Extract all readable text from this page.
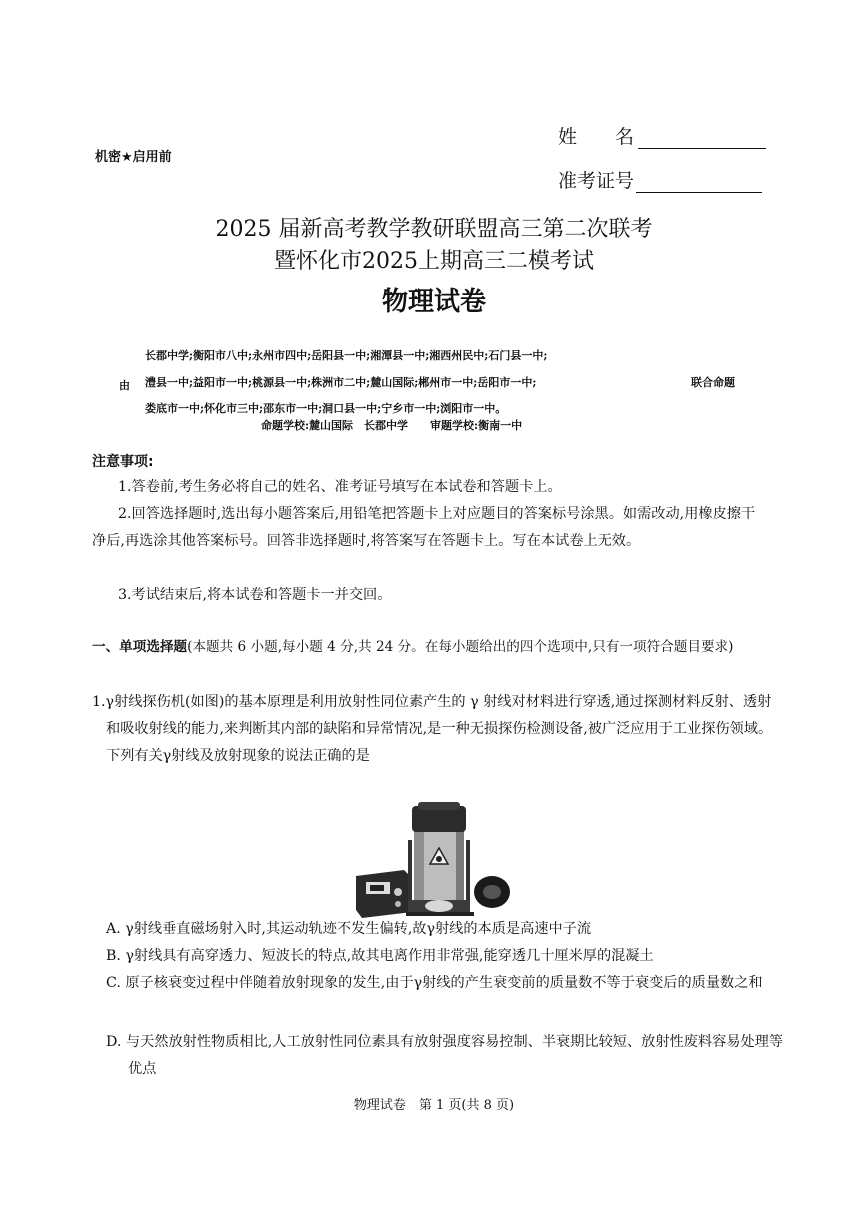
机密★启用前
姓　　名
准考证号
2025 届新高考教学教研联盟高三第二次联考
暨怀化市2025上期高三二模考试
物理试卷
由
长郡中学;衡阳市八中;永州市四中;岳阳县一中;湘潭县一中;湘西州民中;石门县一中;
澧县一中;益阳市一中;桃源县一中;株洲市二中;麓山国际;郴州市一中;岳阳市一中;
娄底市一中;怀化市三中;邵东市一中;洞口县一中;宁乡市一中;浏阳市一中。
联合命题
命题学校:麓山国际　长郡中学　　审题学校:衡南一中
注意事项:
1.答卷前,考生务必将自己的姓名、准考证号填写在本试卷和答题卡上。
2.回答选择题时,选出每小题答案后,用铅笔把答题卡上对应题目的答案标号涂黑。如需改动,用橡皮擦干净后,再选涂其他答案标号。回答非选择题时,将答案写在答题卡上。写在本试卷上无效。
3.考试结束后,将本试卷和答题卡一并交回。
一、单项选择题(本题共 6 小题,每小题 4 分,共 24 分。在每小题给出的四个选项中,只有一项符合题目要求)
1.γ射线探伤机(如图)的基本原理是利用放射性同位素产生的 γ 射线对材料进行穿透,通过探测材料反射、透射和吸收射线的能力,来判断其内部的缺陷和异常情况,是一种无损探伤检测设备,被广泛应用于工业探伤领域。下列有关γ射线及放射现象的说法正确的是
A. γ射线垂直磁场射入时,其运动轨迹不发生偏转,故γ射线的本质是高速中子流
B. γ射线具有高穿透力、短波长的特点,故其电离作用非常强,能穿透几十厘米厚的混凝土
C. 原子核衰变过程中伴随着放射现象的发生,由于γ射线的产生衰变前的质量数不等于衰变后的质量数之和
D. 与天然放射性物质相比,人工放射性同位素具有放射强度容易控制、半衰期比较短、放射性废料容易处理等优点
物理试卷　第 1 页(共 8 页)
